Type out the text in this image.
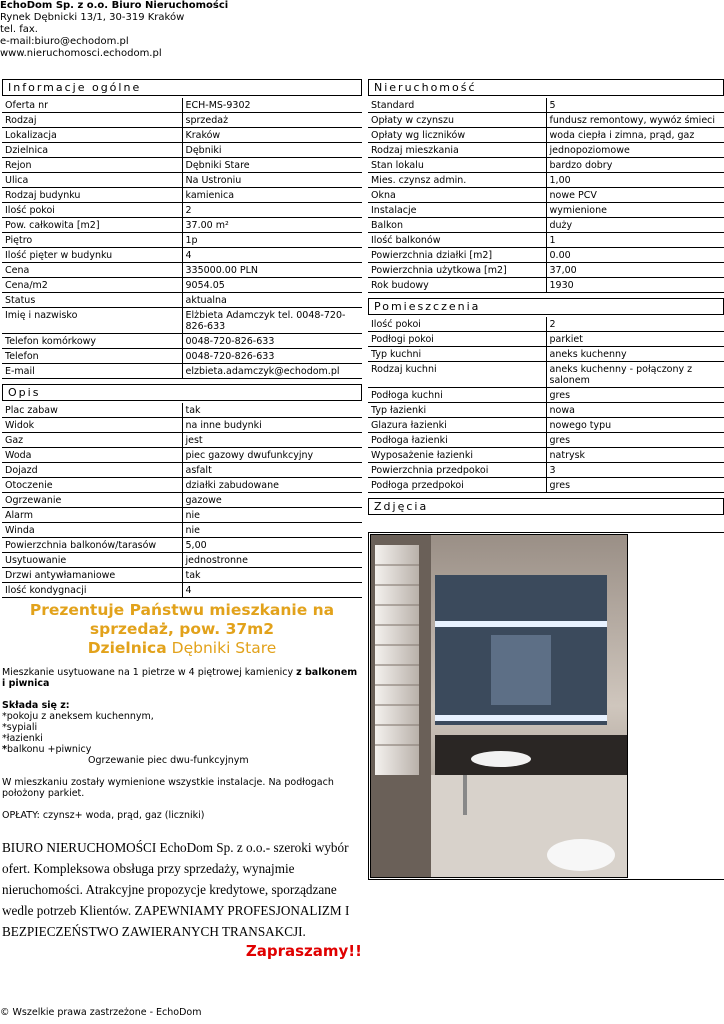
EchoDom Sp. z o.o. Biuro Nieruchomości
Rynek Dębnicki 13/1, 30-319 Kraków
tel. fax.
e-mail:biuro@echodom.pl
www.nieruchomosci.echodom.pl
Informacje ogólne
Oferta nr	ECH-MS-9302
Rodzaj	sprzedaż
Lokalizacja	Kraków
Dzielnica	Dębniki
Rejon	Dębniki Stare
Ulica	Na Ustroniu
Rodzaj budynku	kamienica
Ilość pokoi	2
Pow. całkowita [m2]	37.00 m²
Piętro	1p
Ilość pięter w budynku	4
Cena	335000.00 PLN
Cena/m2	9054.05
Status	aktualna
Imię i nazwisko	Elżbieta Adamczyk tel. 0048-720-826-633
Telefon komórkowy	0048-720-826-633
Telefon	0048-720-826-633
E-mail	elzbieta.adamczyk@echodom.pl
Opis
Plac zabaw	tak
Widok	na inne budynki
Gaz	jest
Woda	piec gazowy dwufunkcyjny
Dojazd	asfalt
Otoczenie	działki zabudowane
Ogrzewanie	gazowe
Alarm	nie
Winda	nie
Powierzchnia balkonów/tarasów	5,00
Usytuowanie	jednostronne
Drzwi antywłamaniowe	tak
Ilość kondygnacji	4
Prezentuje Państwu mieszkanie na
sprzedaż, pow. 37m2
Dzielnica Dębniki Stare

Mieszkanie usytuowane na 1 pietrze w 4 piętrowej kamienicy z balkonem i piwnica

Składa się z:

*pokoju z aneksem kuchennym,
*sypiali
*łazienki
*balkonu +piwnicy
Ogrzewanie piec dwu-funkcyjnym

W mieszkaniu zostały wymienione wszystkie instalacje. Na podłogach położony parkiet.

OPŁATY: czynsz+ woda, prąd, gaz (liczniki)

BIURO NIERUCHOMOŚCI EchoDom Sp. z o.o.- szeroki wybór ofert. Kompleksowa obsługa przy sprzedaży, wynajmie nieruchomości. Atrakcyjne propozycje kredytowe, sporządzane wedle potrzeb Klientów. ZAPEWNIAMY PROFESJONALIZM I BEZPIECZEŃSTWO ZAWIERANYCH TRANSAKCJI.

Zapraszamy!!
Nieruchomość
Standard	5
Opłaty w czynszu	fundusz remontowy, wywóz śmieci
Opłaty wg liczników	woda ciepła i zimna, prąd, gaz
Rodzaj mieszkania	jednopoziomowe
Stan lokalu	bardzo dobry
Mies. czynsz admin.	1,00
Okna	nowe PCV
Instalacje	wymienione
Balkon	duży
Ilość balkonów	1
Powierzchnia działki [m2]	0.00
Powierzchnia użytkowa [m2]	37,00
Rok budowy	1930
Pomieszczenia
Ilość pokoi	2
Podłogi pokoi	parkiet
Typ kuchni	aneks kuchenny
Rodzaj kuchni	aneks kuchenny - połączony z salonem
Podłoga kuchni	gres
Typ łazienki	nowa
Glazura łazienki	nowego typu
Podłoga łazienki	gres
Wyposażenie łazienki	natrysk
Powierzchnia przedpokoi	3
Podłoga przedpokoi	gres
Zdjęcia
© Wszelkie prawa zastrzeżone - EchoDom
